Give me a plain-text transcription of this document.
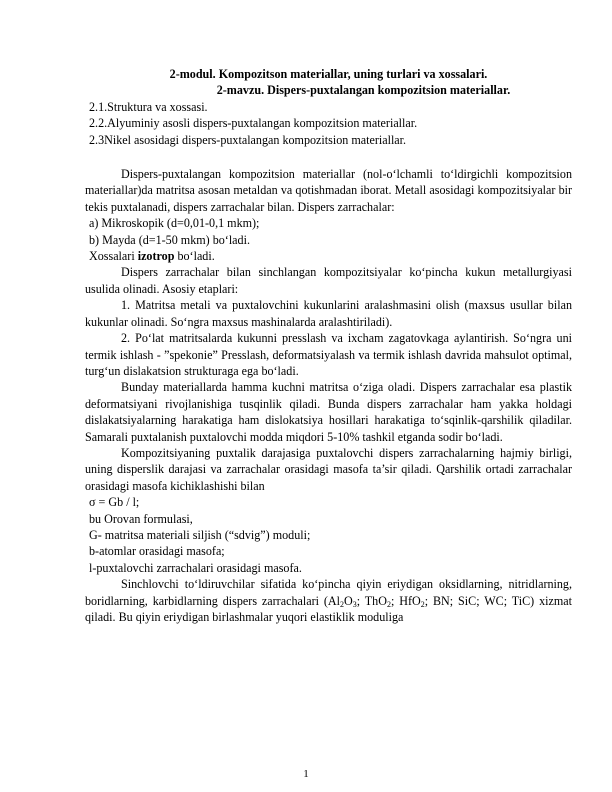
2-modul. Kompozitson materiallar, uning turlari va xossalari.

2-mavzu. Dispers-puxtalangan kompozitsion materiallar.

2.1.Struktura va xossasi.

2.2.Alyuminiy asosli dispers-puxtalangan kompozitsion materiallar.

2.3Nikel asosidagi dispers-puxtalangan kompozitsion materiallar.

Dispers-puxtalangan kompozitsion materiallar (nol-o‘lchamli to‘ldirgichli kompozitsion materiallar)da matritsa asosan metaldan va qotishmadan iborat. Metall asosidagi kompozitsiyalar bir tekis puxtalanadi, dispers zarrachalar bilan. Dispers zarrachalar:

a) Mikroskopik (d=0,01-0,1 mkm);

b) Mayda (d=1-50 mkm) bo‘ladi.

Xossalari izotrop bo‘ladi.

Dispers zarrachalar bilan sinchlangan kompozitsiyalar ko‘pincha kukun metallurgiyasi usulida olinadi. Asosiy etaplari:

1. Matritsa metali va puxtalovchini kukunlarini aralashmasini olish (maxsus usullar bilan kukunlar olinadi. So‘ngra maxsus mashinalarda aralashtiriladi).

2. Po‘lat matritsalarda kukunni presslash va ixcham zagatovkaga aylantirish. So‘ngra uni termik ishlash - ”spekonie” Presslash, deformatsiyalash va termik ishlash davrida mahsulot optimal, turg‘un dislakatsion strukturaga ega bo‘ladi.

Bunday materiallarda hamma kuchni matritsa o‘ziga oladi. Dispers zarrachalar esa plastik deformatsiyani rivojlanishiga tusqinlik qiladi. Bunda dispers zarrachalar ham yakka holdagi dislakatsiyalarning harakatiga ham dislokatsiya hosillari harakatiga to‘sqinlik-qarshilik qiladilar. Samarali puxtalanish puxtalovchi modda miqdori 5-10% tashkil etganda sodir bo‘ladi.

Kompozitsiyaning puxtalik darajasiga puxtalovchi dispers zarrachalarning hajmiy birligi, uning disperslik darajasi va zarrachalar orasidagi masofa ta’sir qiladi. Qarshilik ortadi zarrachalar orasidagi masofa kichiklashishi bilan

σ = Gb / l;

bu Orovan formulasi,

G- matritsa materiali siljish (“sdvig”) moduli;

b-atomlar orasidagi masofa;

l-puxtalovchi zarrachalari orasidagi masofa.

Sinchlovchi to‘ldiruvchilar sifatida ko‘pincha qiyin eriydigan oksidlarning, nitridlarning, boridlarning, karbidlarning dispers zarrachalari ($Al_2O_3$; ThO$_2$; HfO$_2$; BN; SiC; WC; TiC) xizmat qiladi. Bu qiyin eriydigan birlashmalar yuqori elastiklik moduliga

1
